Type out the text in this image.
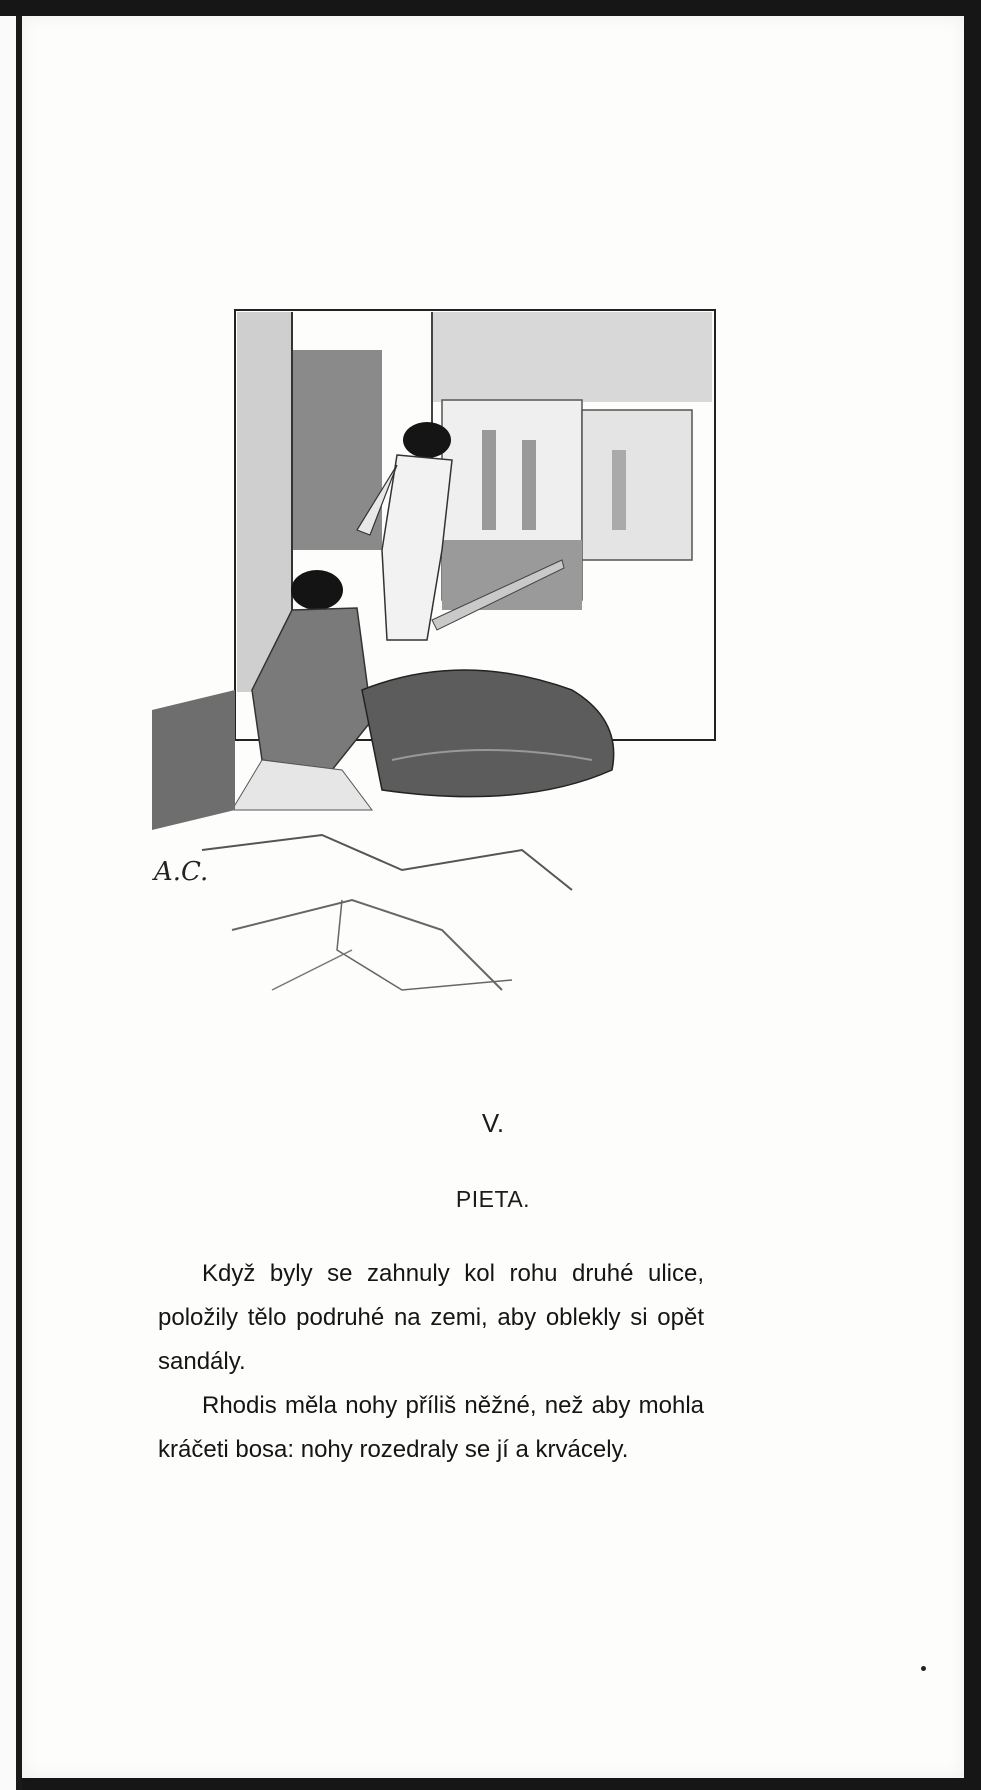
A.C.
V.
PIETA.

Když byly se zahnuly kol rohu druhé ulice, položily tělo podruhé na zemi, aby oblekly si opět sandály.

Rhodis měla nohy příliš něžné, než aby mohla kráčeti bosa: nohy rozedraly se jí a krvácely.
